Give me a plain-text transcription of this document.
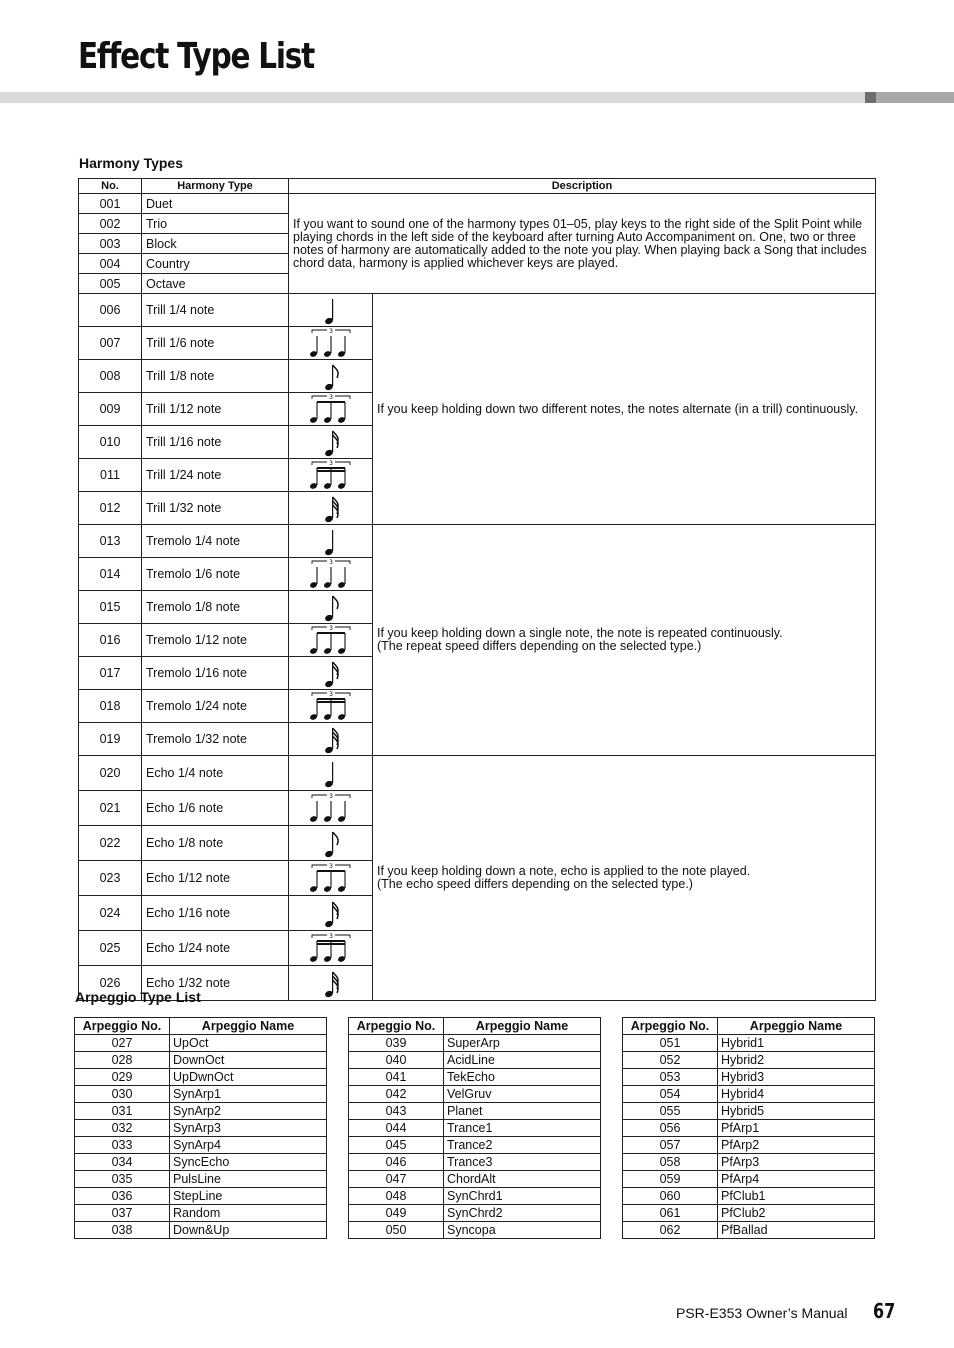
Effect Type List
Harmony Types
No.	Harmony Type	Description	
001	Duet	If you want to sound one of the harmony types 01–05, play keys to the right side of the Split Point while playing chords in the left side of the keyboard after turning Auto Accompaniment on. One, two or three notes of harmony are automatically added to the note you play. When playing back a Song that includes chord data, harmony is applied whichever keys are played.	

002	Trio		
003	Block		
004	Country		
005	Octave		
006	Trill 1/4 note		If you keep holding down two different notes, the notes alternate (in a trill) continuously.

007	Trill 1/6 note	3	

008	Trill 1/8 note	

009	Trill 1/12 note	3	

010	Trill 1/16 note	

011	Trill 1/24 note	3	

012	Trill 1/32 note	

013	Tremolo 1/4 note		If you keep holding down a single note, the note is repeated continuously.
(The repeat speed differs depending on the selected type.)

014	Tremolo 1/6 note	3	

015	Tremolo 1/8 note	

016	Tremolo 1/12 note	3	

017	Tremolo 1/16 note	

018	Tremolo 1/24 note	3	

019	Tremolo 1/32 note	

020	Echo 1/4 note		If you keep holding down a note, echo is applied to the note played.
(The echo speed differs depending on the selected type.)

021	Echo 1/6 note	3	

022	Echo 1/8 note	

023	Echo 1/12 note	3	

024	Echo 1/16 note	

025	Echo 1/24 note	3	

026	Echo 1/32 note	
Arpeggio Type List
Arpeggio No.	Arpeggio Name
027	UpOct
028	DownOct
029	UpDwnOct
030	SynArp1
031	SynArp2
032	SynArp3
033	SynArp4
034	SyncEcho
035	PulsLine
036	StepLine
037	Random
038	Down&Up
Arpeggio No.	Arpeggio Name
039	SuperArp
040	AcidLine
041	TekEcho
042	VelGruv
043	Planet
044	Trance1
045	Trance2
046	Trance3
047	ChordAlt
048	SynChrd1
049	SynChrd2
050	Syncopa
Arpeggio No.	Arpeggio Name
051	Hybrid1
052	Hybrid2
053	Hybrid3
054	Hybrid4
055	Hybrid5
056	PfArp1
057	PfArp2
058	PfArp3
059	PfArp4
060	PfClub1
061	PfClub2
062	PfBallad
PSR-E353 Owner’s Manual 67
